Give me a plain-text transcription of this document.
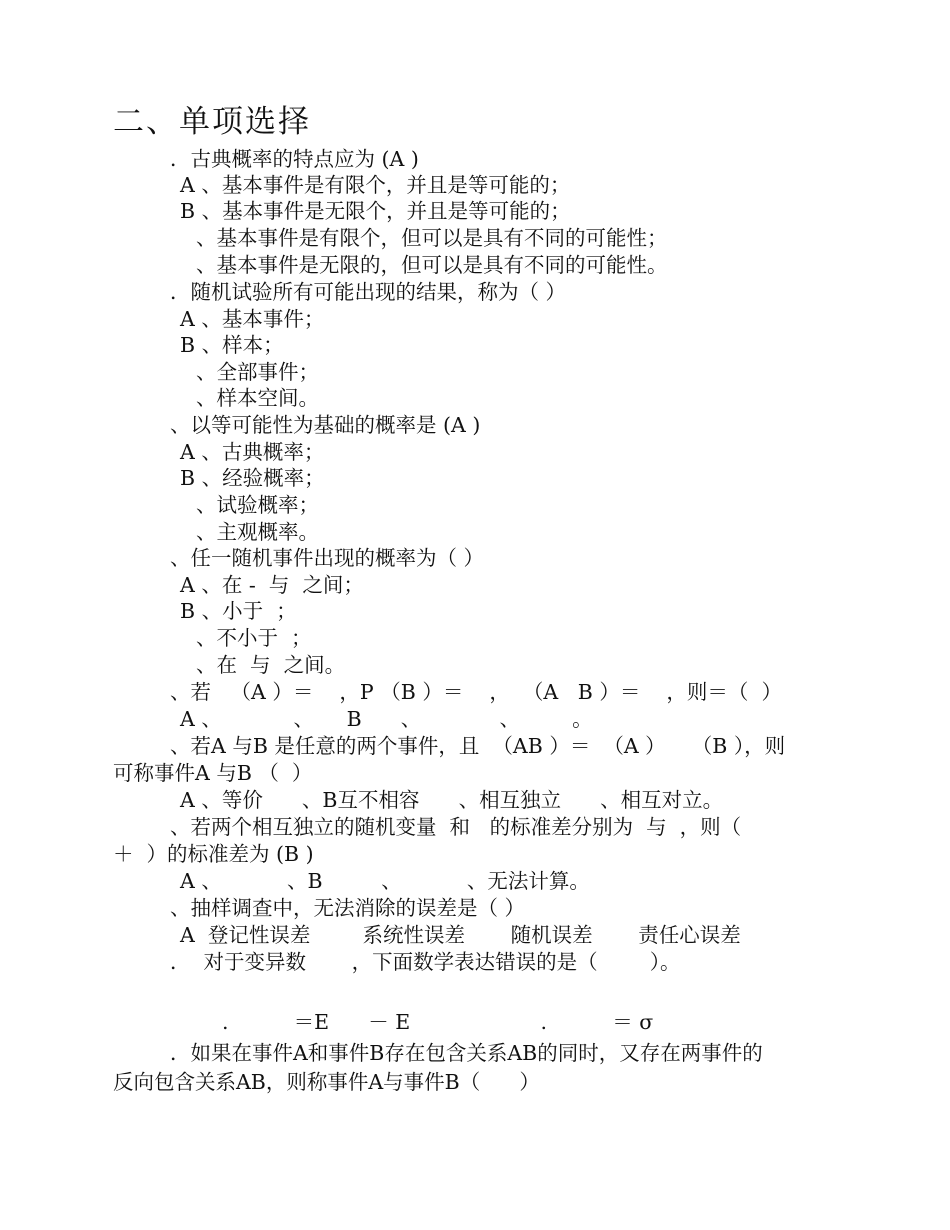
二、单项选择
．古典概率的特点应为 (A )
A 、基本事件是有限个，并且是等可能的；
B 、基本事件是无限个，并且是等可能的；
、基本事件是有限个，但可以是具有不同的可能性；
、基本事件是无限的，但可以是具有不同的可能性。
．随机试验所有可能出现的结果，称为（ ）
A 、基本事件；
B 、样本；
、全部事件；
、样本空间。
、以等可能性为基础的概率是 (A )
A 、古典概率；
B 、经验概率；
、试验概率；
、主观概率。
、任一随机事件出现的概率为（ ）
A 、在 -  与  之间；
B 、小于  ；
、不小于  ；
、在  与  之间。
、若   （A ）＝    ，P （B ）＝    ，  （A   B ）＝    ，则＝（  ）
A 、           、     B      、            、        。
、若A 与B 是任意的两个事件，且  （AB ）＝  （A ）    （B ），则
可称事件A 与B （  ）
A 、等价      、B互不相容      、相互独立      、相互对立。
、若两个相互独立的随机变量  和   的标准差分别为  与  ，则（
＋  ）的标准差为 (B )
A 、          、B         、          、无法计算。
、抽样调查中，无法消除的误差是（ ）
A  登记性误差        系统性误差       随机误差       责任心误差
．  对于变异数       ，下面数学表达错误的是（        ）。
.          ＝E      － E                    .          ＝ σ
．如果在事件A和事件B存在包含关系AB的同时，又存在两事件的
反向包含关系AB，则称事件A与事件B（      ）
